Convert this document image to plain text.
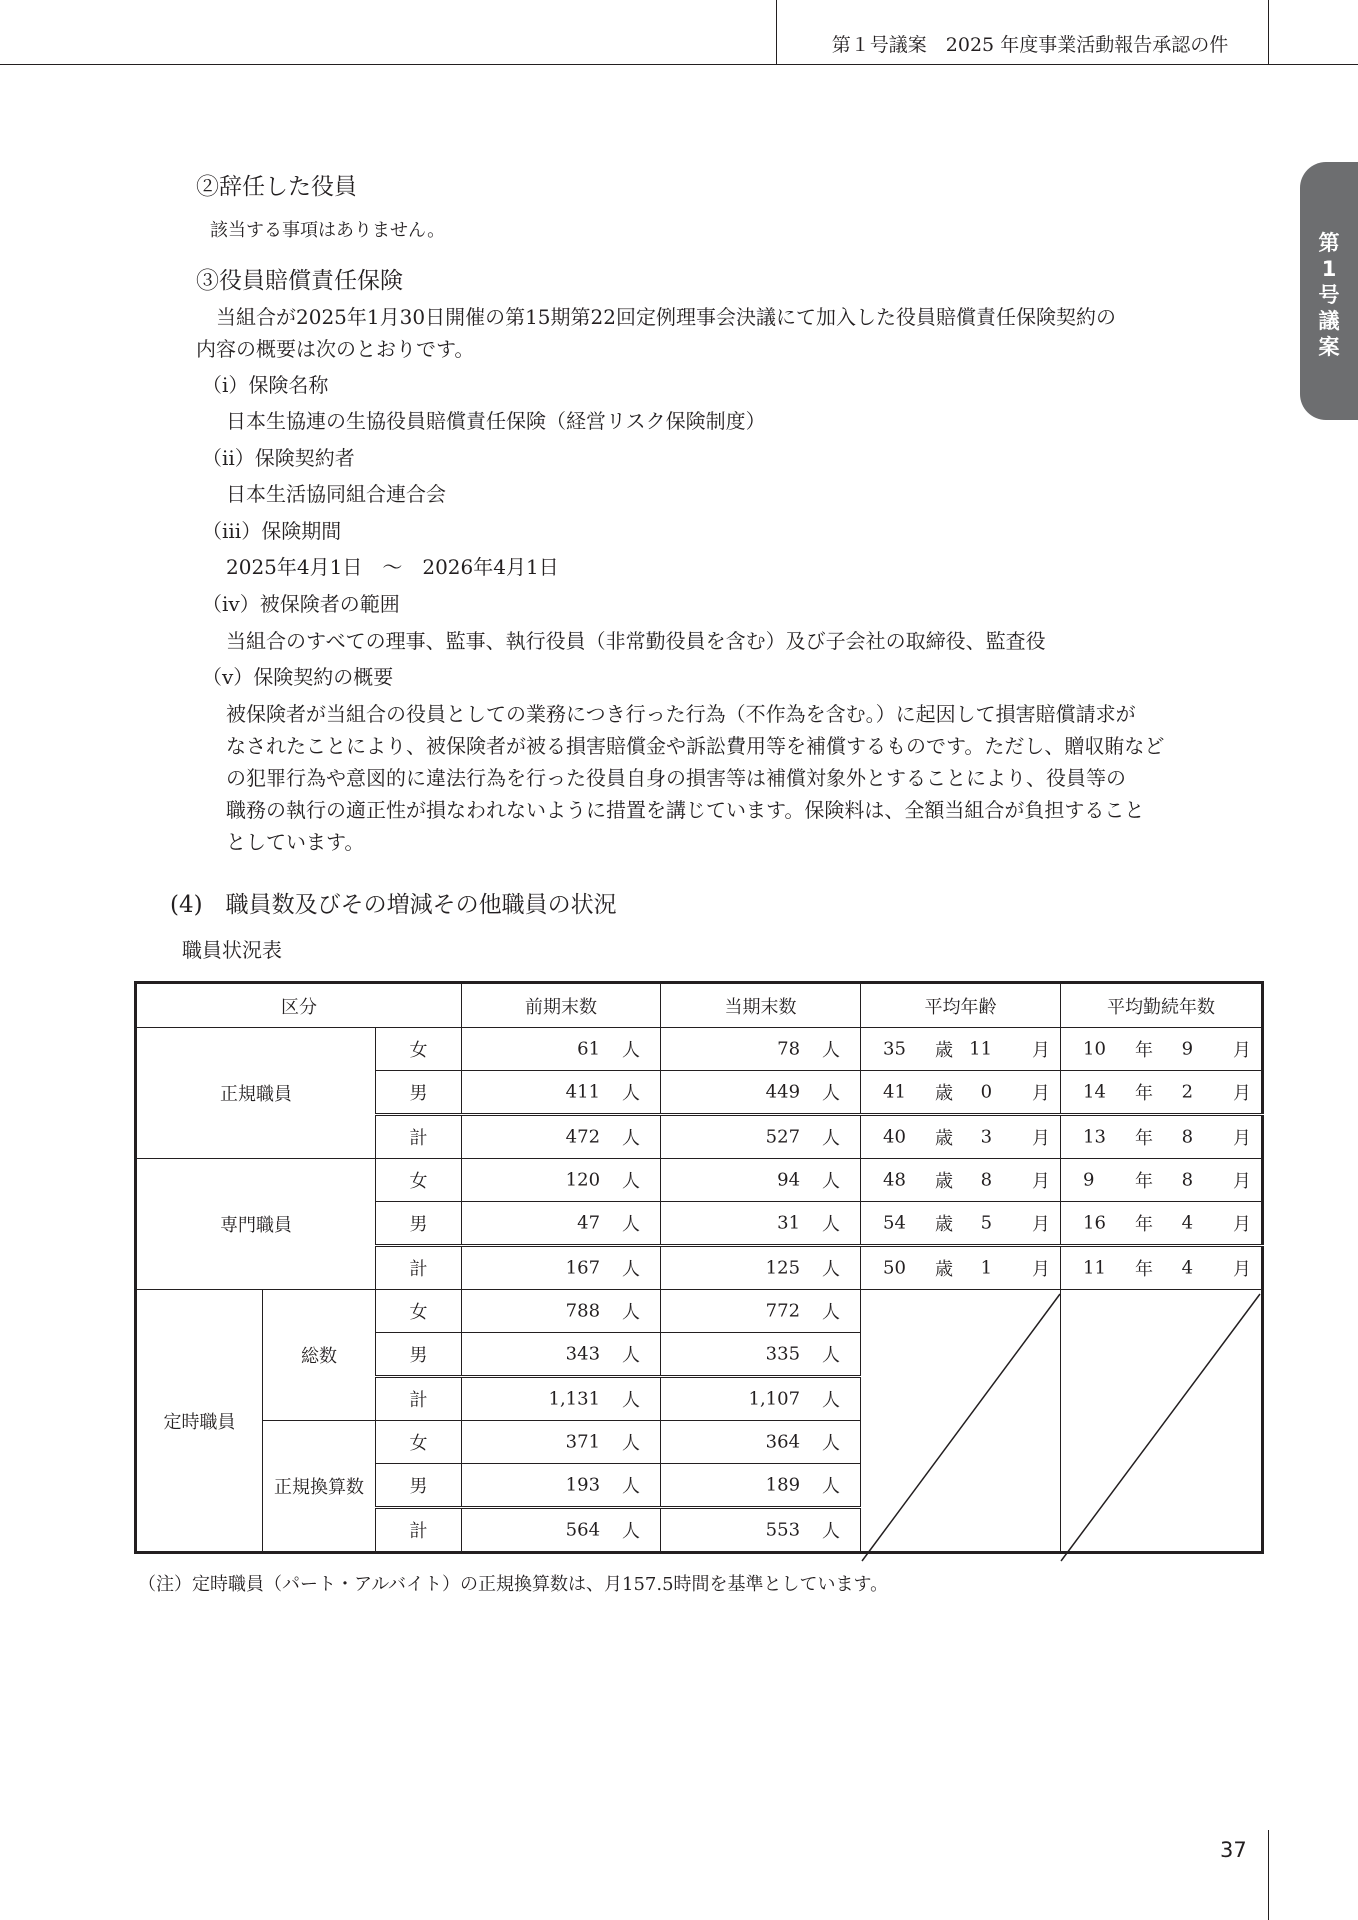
第１号議案　2025 年度事業活動報告承認の件
第
1
号
議
案
②辞任した役員
該当する事項はありません。
③役員賠償責任保険
当組合が2025年1月30日開催の第15期第22回定例理事会決議にて加入した役員賠償責任保険契約の
内容の概要は次のとおりです。
（ⅰ）保険名称
日本生協連の生協役員賠償責任保険（経営リスク保険制度）
（ⅱ）保険契約者
日本生活協同組合連合会
（ⅲ）保険期間
2025年4月1日　～　2026年4月1日
（ⅳ）被保険者の範囲
当組合のすべての理事、監事、執行役員（非常勤役員を含む）及び子会社の取締役、監査役
（ⅴ）保険契約の概要
被保険者が当組合の役員としての業務につき行った行為（不作為を含む。）に起因して損害賠償請求が
なされたことにより、被保険者が被る損害賠償金や訴訟費用等を補償するものです。ただし、贈収賄など
の犯罪行為や意図的に違法行為を行った役員自身の損害等は補償対象外とすることにより、役員等の
職務の執行の適正性が損なわれないように措置を講じています。保険料は、全額当組合が負担すること
としています。
(4)　職員数及びその増減その他職員の状況
職員状況表
区分			前期末数	当期末数	平均年齢	平均勤続年数
正規職員		女	61 人	78 人	35 歳 11 月	10 年 9 月

		男	411 人	449 人	41 歳 0 月	14 年 2 月

		計	472 人	527 人	40 歳 3 月	13 年 8 月

専門職員		女	120 人	94 人	48 歳 8 月	9 年 8 月

		男	47 人	31 人	54 歳 5 月	16 年 4 月

		計	167 人	125 人	50 歳 1 月	11 年 4 月

定時職員	総数	女	788 人	772 人		

		男	343 人	335 人		

		計	1,131 人	1,107 人		

	正規換算数	女	371 人	364 人		

		男	193 人	189 人		

		計	564 人	553 人		
（注）定時職員（パート・アルバイト）の正規換算数は、月157.5時間を基準としています。
37
